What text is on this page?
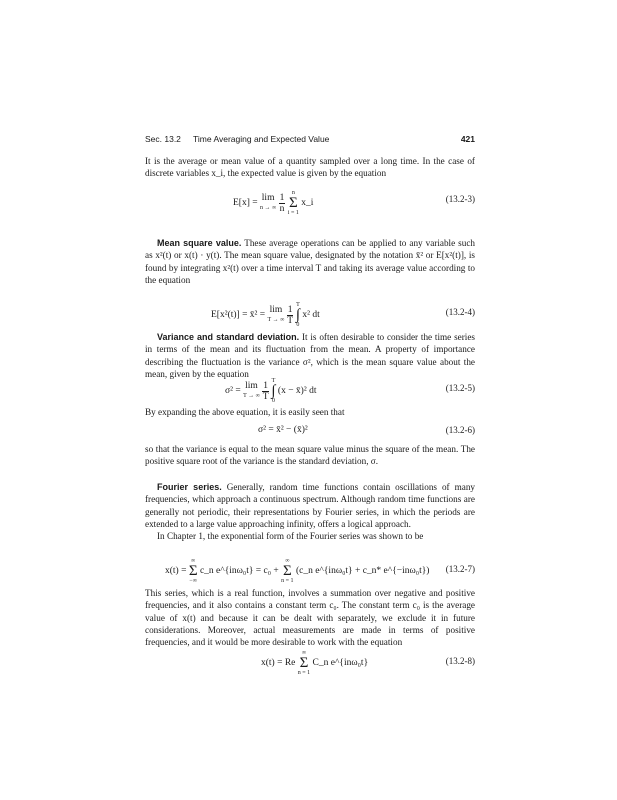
Sec. 13.2 Time Averaging and Expected Value	421

It is the average or mean value of a quantity sampled over a long time. In the case of discrete variables x_i, the expected value is given by the equation

E[x] =
lim
n → ∞
$\frac{1}{n}$
	n
Σ
i = 1
x_i	(13.2-3)

Mean square value. These average operations can be applied to any variable such as x²(t) or x(t) · y(t). The mean square value, designated by the notation x̄² or E[x²(t)], is found by integrating x²(t) over a time interval T and taking its average value according to the equation

E[x²(t)] = x̄² =
lim
T → ∞
$\frac{1}{T}$
T
∫
0
x² dt	(13.2-4)

Variance and standard deviation. It is often desirable to consider the time series in terms of the mean and its fluctuation from the mean. A property of importance describing the fluctuation is the variance σ², which is the mean square value about the mean, given by the equation

σ² =
lim
T → ∞
$\frac{1}{T}$
T
∫
0
(x − x̄)² dt	(13.2-5)

By expanding the above equation, it is easily seen that

σ² = x̄² − (x̄)²	(13.2-6)

so that the variance is equal to the mean square value minus the square of the mean. The positive square root of the variance is the standard deviation, σ.

Fourier series. Generally, random time functions contain oscillations of many frequencies, which approach a continuous spectrum. Although random time functions are generally not periodic, their representations by Fourier series, in which the periods are extended to a large value approaching infinity, offers a logical approach.

In Chapter 1, the exponential form of the Fourier series was shown to be

x(t) =
∞
Σ
−∞
c_n e^{inω₀t} = c₀ +
∞
Σ
n = 1
(c_n e^{inω₀t} + c_n* e^{−inω₀t}) (13.2-7)

This series, which is a real function, involves a summation over negative and positive frequencies, and it also contains a constant term c₀. The constant term c₀ is the average value of x(t) and because it can be dealt with separately, we exclude it in future considerations. Moreover, actual measurements are made in terms of positive frequencies, and it would be more desirable to work with the equation

x(t) = Re
∞
Σ
n = 1
C_n e^{inω₀t}	(13.2-8)
